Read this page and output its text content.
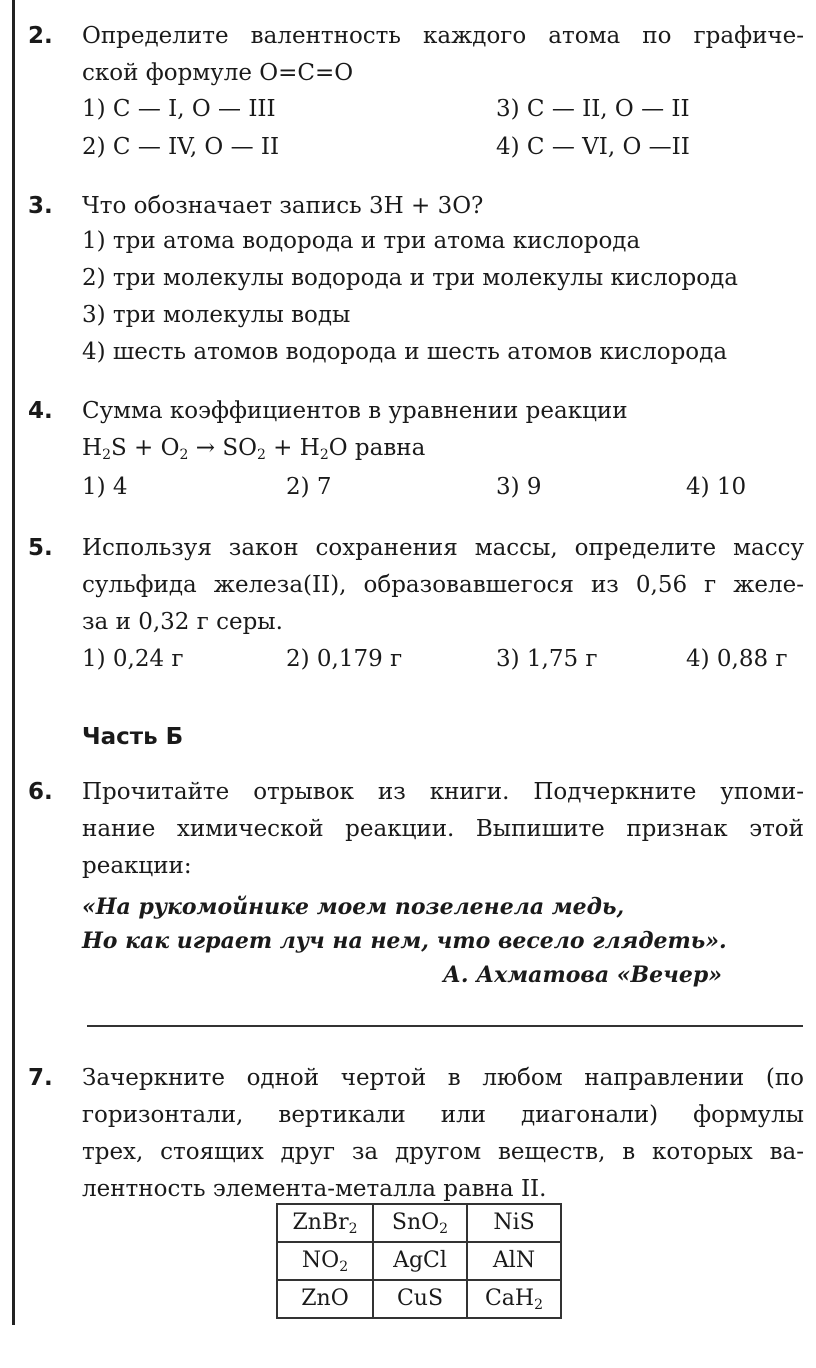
2. Определите валентность каждого атома по графиче-
ской формуле O=C=O
1) С — I, О — III	3) С — II, О — II
2) С — IV, О — II	4) С — VI, О —II
3. Что обозначает запись 3Н + 3О?
1) три атома водорода и три атома кислорода
2) три молекулы водорода и три молекулы кислорода
3) три молекулы воды
4) шесть атомов водорода и шесть атомов кислорода
4. Сумма коэффициентов в уравнении реакции
$H_2S + O_2 \to SO_2 + H_2O$ равна
1) 4	2) 7	3) 9	4) 10
5. Используя закон сохранения массы, определите массу
сульфида железа(II), образовавшегося из 0,56 г желе-
за и 0,32 г серы.
1) 0,24 г	2) 0,179 г	3) 1,75 г	4) 0,88 г
Часть Б
6. Прочитайте отрывок из книги. Подчеркните упоми-
нание химической реакции. Выпишите признак этой
реакции:
«На рукомойнике моем позеленела медь,
Но как играет луч на нем, что весело глядеть».
А. Ахматова «Вечер»
7. Зачеркните одной чертой в любом направлении (по
горизонтали, вертикали или диагонали) формулы
трех, стоящих друг за другом веществ, в которых ва-
лентность элемента-металла равна II.
ZnBr$_2$	SnO$_2$	NiS
$NO_2$	AgCl	AlN
ZnO	CuS	CaH$_2$
